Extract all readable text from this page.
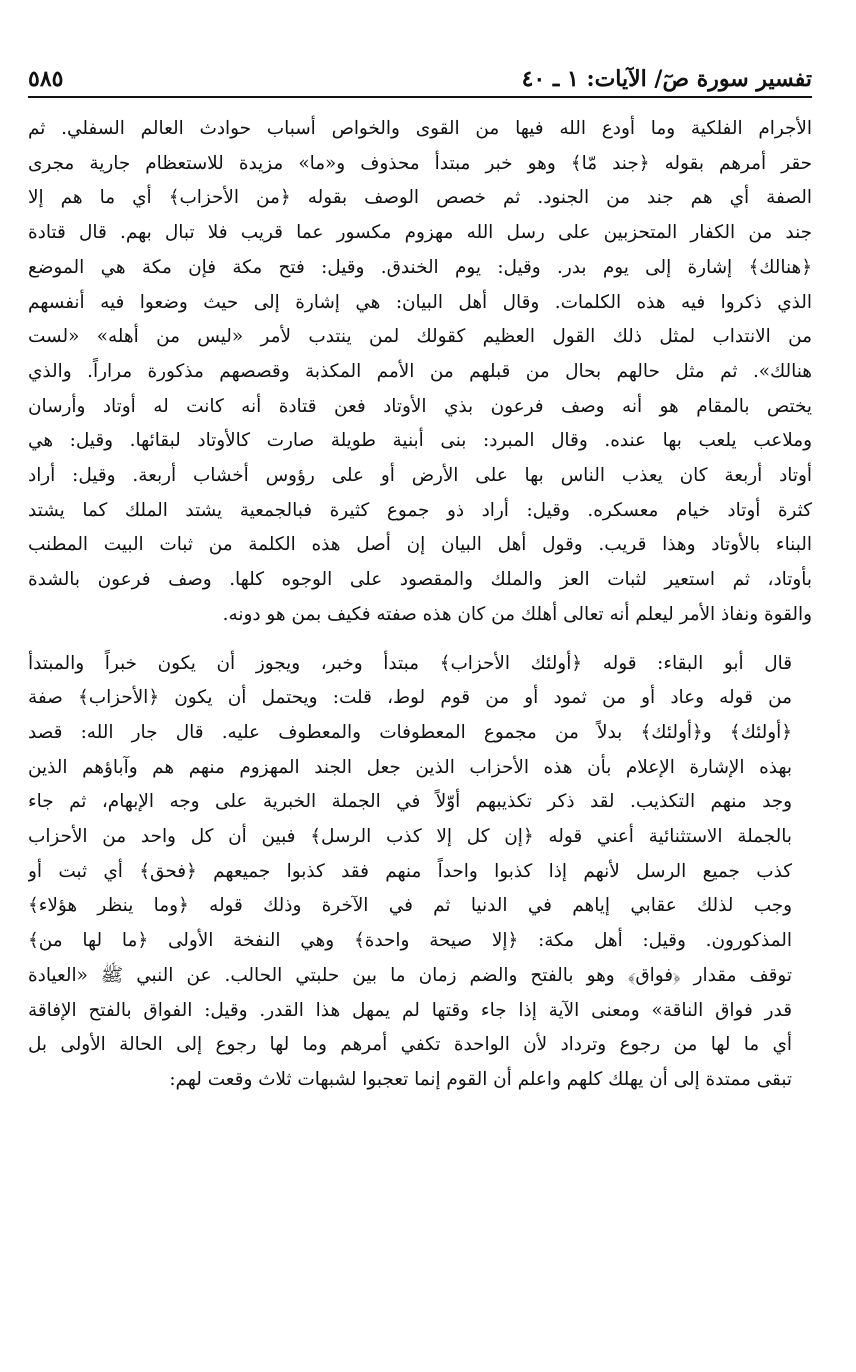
تفسير سورة صٓ/ الآيات: ١ ـ ٤٠
٥٨٥
الأجرام الفلكية وما أودع الله فيها من القوى والخواص أسباب حوادث العالم السفلي. ثم
حقر أمرهم بقوله ﴿جند مّا﴾ وهو خبر مبتدأ محذوف و«ما» مزيدة للاستعظام جارية مجرى
الصفة أي هم جند من الجنود. ثم خصص الوصف بقوله ﴿من الأحزاب﴾ أي ما هم إلا
جند من الكفار المتحزبين على رسل الله مهزوم مكسور عما قريب فلا تبال بهم. قال قتادة
﴿هنالك﴾ إشارة إلى يوم بدر. وقيل: يوم الخندق. وقيل: فتح مكة فإن مكة هي الموضع
الذي ذكروا فيه هذه الكلمات. وقال أهل البيان: هي إشارة إلى حيث وضعوا فيه أنفسهم
من الانتداب لمثل ذلك القول العظيم كقولك لمن ينتدب لأمر «ليس من أهله» «لست
هنالك». ثم مثل حالهم بحال من قبلهم من الأمم المكذبة وقصصهم مذكورة مراراً. والذي
يختص بالمقام هو أنه وصف فرعون بذي الأوتاد فعن قتادة أنه كانت له أوتاد وأرسان
وملاعب يلعب بها عنده. وقال المبرد: بنى أبنية طويلة صارت كالأوتاد لبقائها. وقيل: هي
أوتاد أربعة كان يعذب الناس بها على الأرض أو على رؤوس أخشاب أربعة. وقيل: أراد
كثرة أوتاد خيام معسكره. وقيل: أراد ذو جموع كثيرة فبالجمعية يشتد الملك كما يشتد
البناء بالأوتاد وهذا قريب. وقول أهل البيان إن أصل هذه الكلمة من ثبات البيت المطنب
بأوتاد، ثم استعير لثبات العز والملك والمقصود على الوجوه كلها. وصف فرعون بالشدة
والقوة ونفاذ الأمر ليعلم أنه تعالى أهلك من كان هذه صفته فكيف بمن هو دونه.
قال أبو البقاء: قوله ﴿أولئك الأحزاب﴾ مبتدأ وخبر، ويجوز أن يكون خبراً والمبتدأ
من قوله وعاد أو من ثمود أو من قوم لوط، قلت: ويحتمل أن يكون ﴿الأحزاب﴾ صفة
﴿أولئك﴾ و﴿أولئك﴾ بدلاً من مجموع المعطوفات والمعطوف عليه. قال جار الله: قصد
بهذه الإشارة الإعلام بأن هذه الأحزاب الذين جعل الجند المهزوم منهم هم وآباؤهم الذين
وجد منهم التكذيب. لقد ذكر تكذيبهم أوّلاً في الجملة الخبرية على وجه الإبهام، ثم جاء
بالجملة الاستثنائية أعني قوله ﴿إن كل إلا كذب الرسل﴾ فبين أن كل واحد من الأحزاب
كذب جميع الرسل لأنهم إذا كذبوا واحداً منهم فقد كذبوا جميعهم ﴿فحق﴾ أي ثبت أو
وجب لذلك عقابي إياهم في الدنيا ثم في الآخرة وذلك قوله ﴿وما ينظر هؤلاء﴾
المذكورون. وقيل: أهل مكة: ﴿إلا صيحة واحدة﴾ وهي النفخة الأولى ﴿ما لها من﴾
توقف مقدار ﴿فواق﴾ وهو بالفتح والضم زمان ما بين حلبتي الحالب. عن النبي ﷺ «العيادة
قدر فواق الناقة» ومعنى الآية إذا جاء وقتها لم يمهل هذا القدر. وقيل: الفواق بالفتح الإفاقة
أي ما لها من رجوع وترداد لأن الواحدة تكفي أمرهم وما لها رجوع إلى الحالة الأولى بل
تبقى ممتدة إلى أن يهلك كلهم واعلم أن القوم إنما تعجبوا لشبهات ثلاث وقعت لهم:
